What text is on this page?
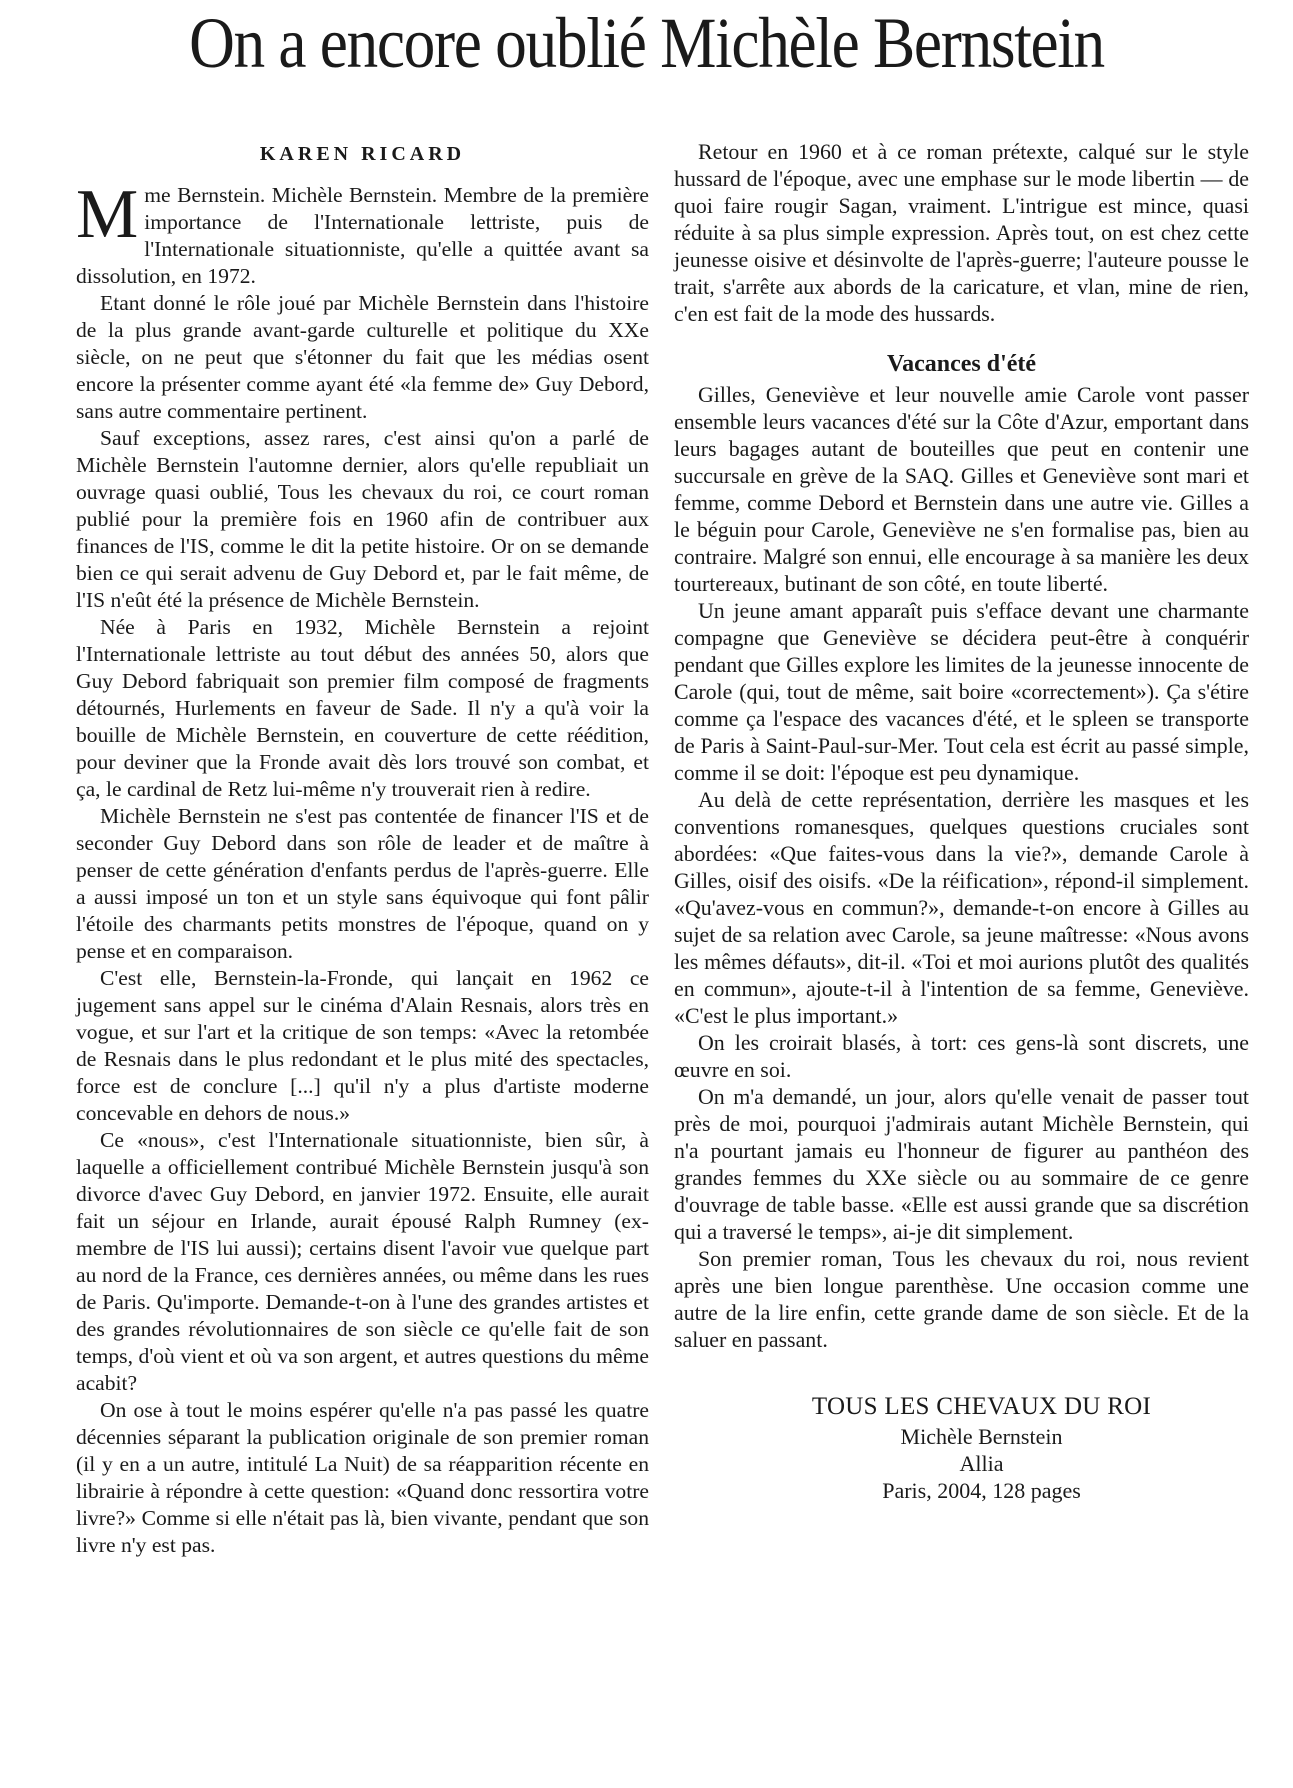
On a encore oublié Michèle Bernstein
KAREN RICARD

Mme Bernstein. Michèle Bernstein. Membre de la première importance de l'Internationale lettriste, puis de l'Internationale situationniste, qu'elle a quittée avant sa dissolution, en 1972.

Etant donné le rôle joué par Michèle Bernstein dans l'histoire de la plus grande avant-garde culturelle et politique du XXe siècle, on ne peut que s'étonner du fait que les médias osent encore la présenter comme ayant été «la femme de» Guy Debord, sans autre commentaire pertinent.

Sauf exceptions, assez rares, c'est ainsi qu'on a parlé de Michèle Bernstein l'automne dernier, alors qu'elle republiait un ouvrage quasi oublié, Tous les chevaux du roi, ce court roman publié pour la première fois en 1960 afin de contribuer aux finances de l'IS, comme le dit la petite histoire. Or on se demande bien ce qui serait advenu de Guy Debord et, par le fait même, de l'IS n'eût été la présence de Michèle Bernstein.

Née à Paris en 1932, Michèle Bernstein a rejoint l'Internationale lettriste au tout début des années 50, alors que Guy Debord fabriquait son premier film composé de fragments détournés, Hurlements en faveur de Sade. Il n'y a qu'à voir la bouille de Michèle Bernstein, en couverture de cette réédition, pour deviner que la Fronde avait dès lors trouvé son combat, et ça, le cardinal de Retz lui-même n'y trouverait rien à redire.

Michèle Bernstein ne s'est pas contentée de financer l'IS et de seconder Guy Debord dans son rôle de leader et de maître à penser de cette génération d'enfants perdus de l'après-guerre. Elle a aussi imposé un ton et un style sans équivoque qui font pâlir l'étoile des charmants petits monstres de l'époque, quand on y pense et en comparaison.

C'est elle, Bernstein-la-Fronde, qui lançait en 1962 ce jugement sans appel sur le cinéma d'Alain Resnais, alors très en vogue, et sur l'art et la critique de son temps: «Avec la retombée de Resnais dans le plus redondant et le plus mité des spectacles, force est de conclure [...] qu'il n'y a plus d'artiste moderne concevable en dehors de nous.»

Ce «nous», c'est l'Internationale situationniste, bien sûr, à laquelle a officiellement contribué Michèle Bernstein jusqu'à son divorce d'avec Guy Debord, en janvier 1972. Ensuite, elle aurait fait un séjour en Irlande, aurait épousé Ralph Rumney (ex-membre de l'IS lui aussi); certains disent l'avoir vue quelque part au nord de la France, ces dernières années, ou même dans les rues de Paris. Qu'importe. Demande-t-on à l'une des grandes artistes et des grandes révolutionnaires de son siècle ce qu'elle fait de son temps, d'où vient et où va son argent, et autres questions du même acabit?

On ose à tout le moins espérer qu'elle n'a pas passé les quatre décennies séparant la publication originale de son premier roman (il y en a un autre, intitulé La Nuit) de sa réapparition récente en librairie à répondre à cette question: «Quand donc ressortira votre livre?» Comme si elle n'était pas là, bien vivante, pendant que son livre n'y est pas.

Retour en 1960 et à ce roman prétexte, calqué sur le style hussard de l'époque, avec une emphase sur le mode libertin — de quoi faire rougir Sagan, vraiment. L'intrigue est mince, quasi réduite à sa plus simple expression. Après tout, on est chez cette jeunesse oisive et désinvolte de l'après-guerre; l'auteure pousse le trait, s'arrête aux abords de la caricature, et vlan, mine de rien, c'en est fait de la mode des hussards.

Vacances d'été

Gilles, Geneviève et leur nouvelle amie Carole vont passer ensemble leurs vacances d'été sur la Côte d'Azur, emportant dans leurs bagages autant de bouteilles que peut en contenir une succursale en grève de la SAQ. Gilles et Geneviève sont mari et femme, comme Debord et Bernstein dans une autre vie. Gilles a le béguin pour Carole, Geneviève ne s'en formalise pas, bien au contraire. Malgré son ennui, elle encourage à sa manière les deux tourtereaux, butinant de son côté, en toute liberté.

Un jeune amant apparaît puis s'efface devant une charmante compagne que Geneviève se décidera peut-être à conquérir pendant que Gilles explore les limites de la jeunesse innocente de Carole (qui, tout de même, sait boire «correctement»). Ça s'étire comme ça l'espace des vacances d'été, et le spleen se transporte de Paris à Saint-Paul-sur-Mer. Tout cela est écrit au passé simple, comme il se doit: l'époque est peu dynamique.

Au delà de cette représentation, derrière les masques et les conventions romanesques, quelques questions cruciales sont abordées: «Que faites-vous dans la vie?», demande Carole à Gilles, oisif des oisifs. «De la réification», répond-il simplement. «Qu'avez-vous en commun?», demande-t-on encore à Gilles au sujet de sa relation avec Carole, sa jeune maîtresse: «Nous avons les mêmes défauts», dit-il. «Toi et moi aurions plutôt des qualités en commun», ajoute-t-il à l'intention de sa femme, Geneviève. «C'est le plus important.»

On les croirait blasés, à tort: ces gens-là sont discrets, une œuvre en soi.

On m'a demandé, un jour, alors qu'elle venait de passer tout près de moi, pourquoi j'admirais autant Michèle Bernstein, qui n'a pourtant jamais eu l'honneur de figurer au panthéon des grandes femmes du XXe siècle ou au sommaire de ce genre d'ouvrage de table basse. «Elle est aussi grande que sa discrétion qui a traversé le temps», ai-je dit simplement.

Son premier roman, Tous les chevaux du roi, nous revient après une bien longue parenthèse. Une occasion comme une autre de la lire enfin, cette grande dame de son siècle. Et de la saluer en passant.

TOUS LES CHEVAUX DU ROI
Michèle Bernstein
Allia
Paris, 2004, 128 pages
